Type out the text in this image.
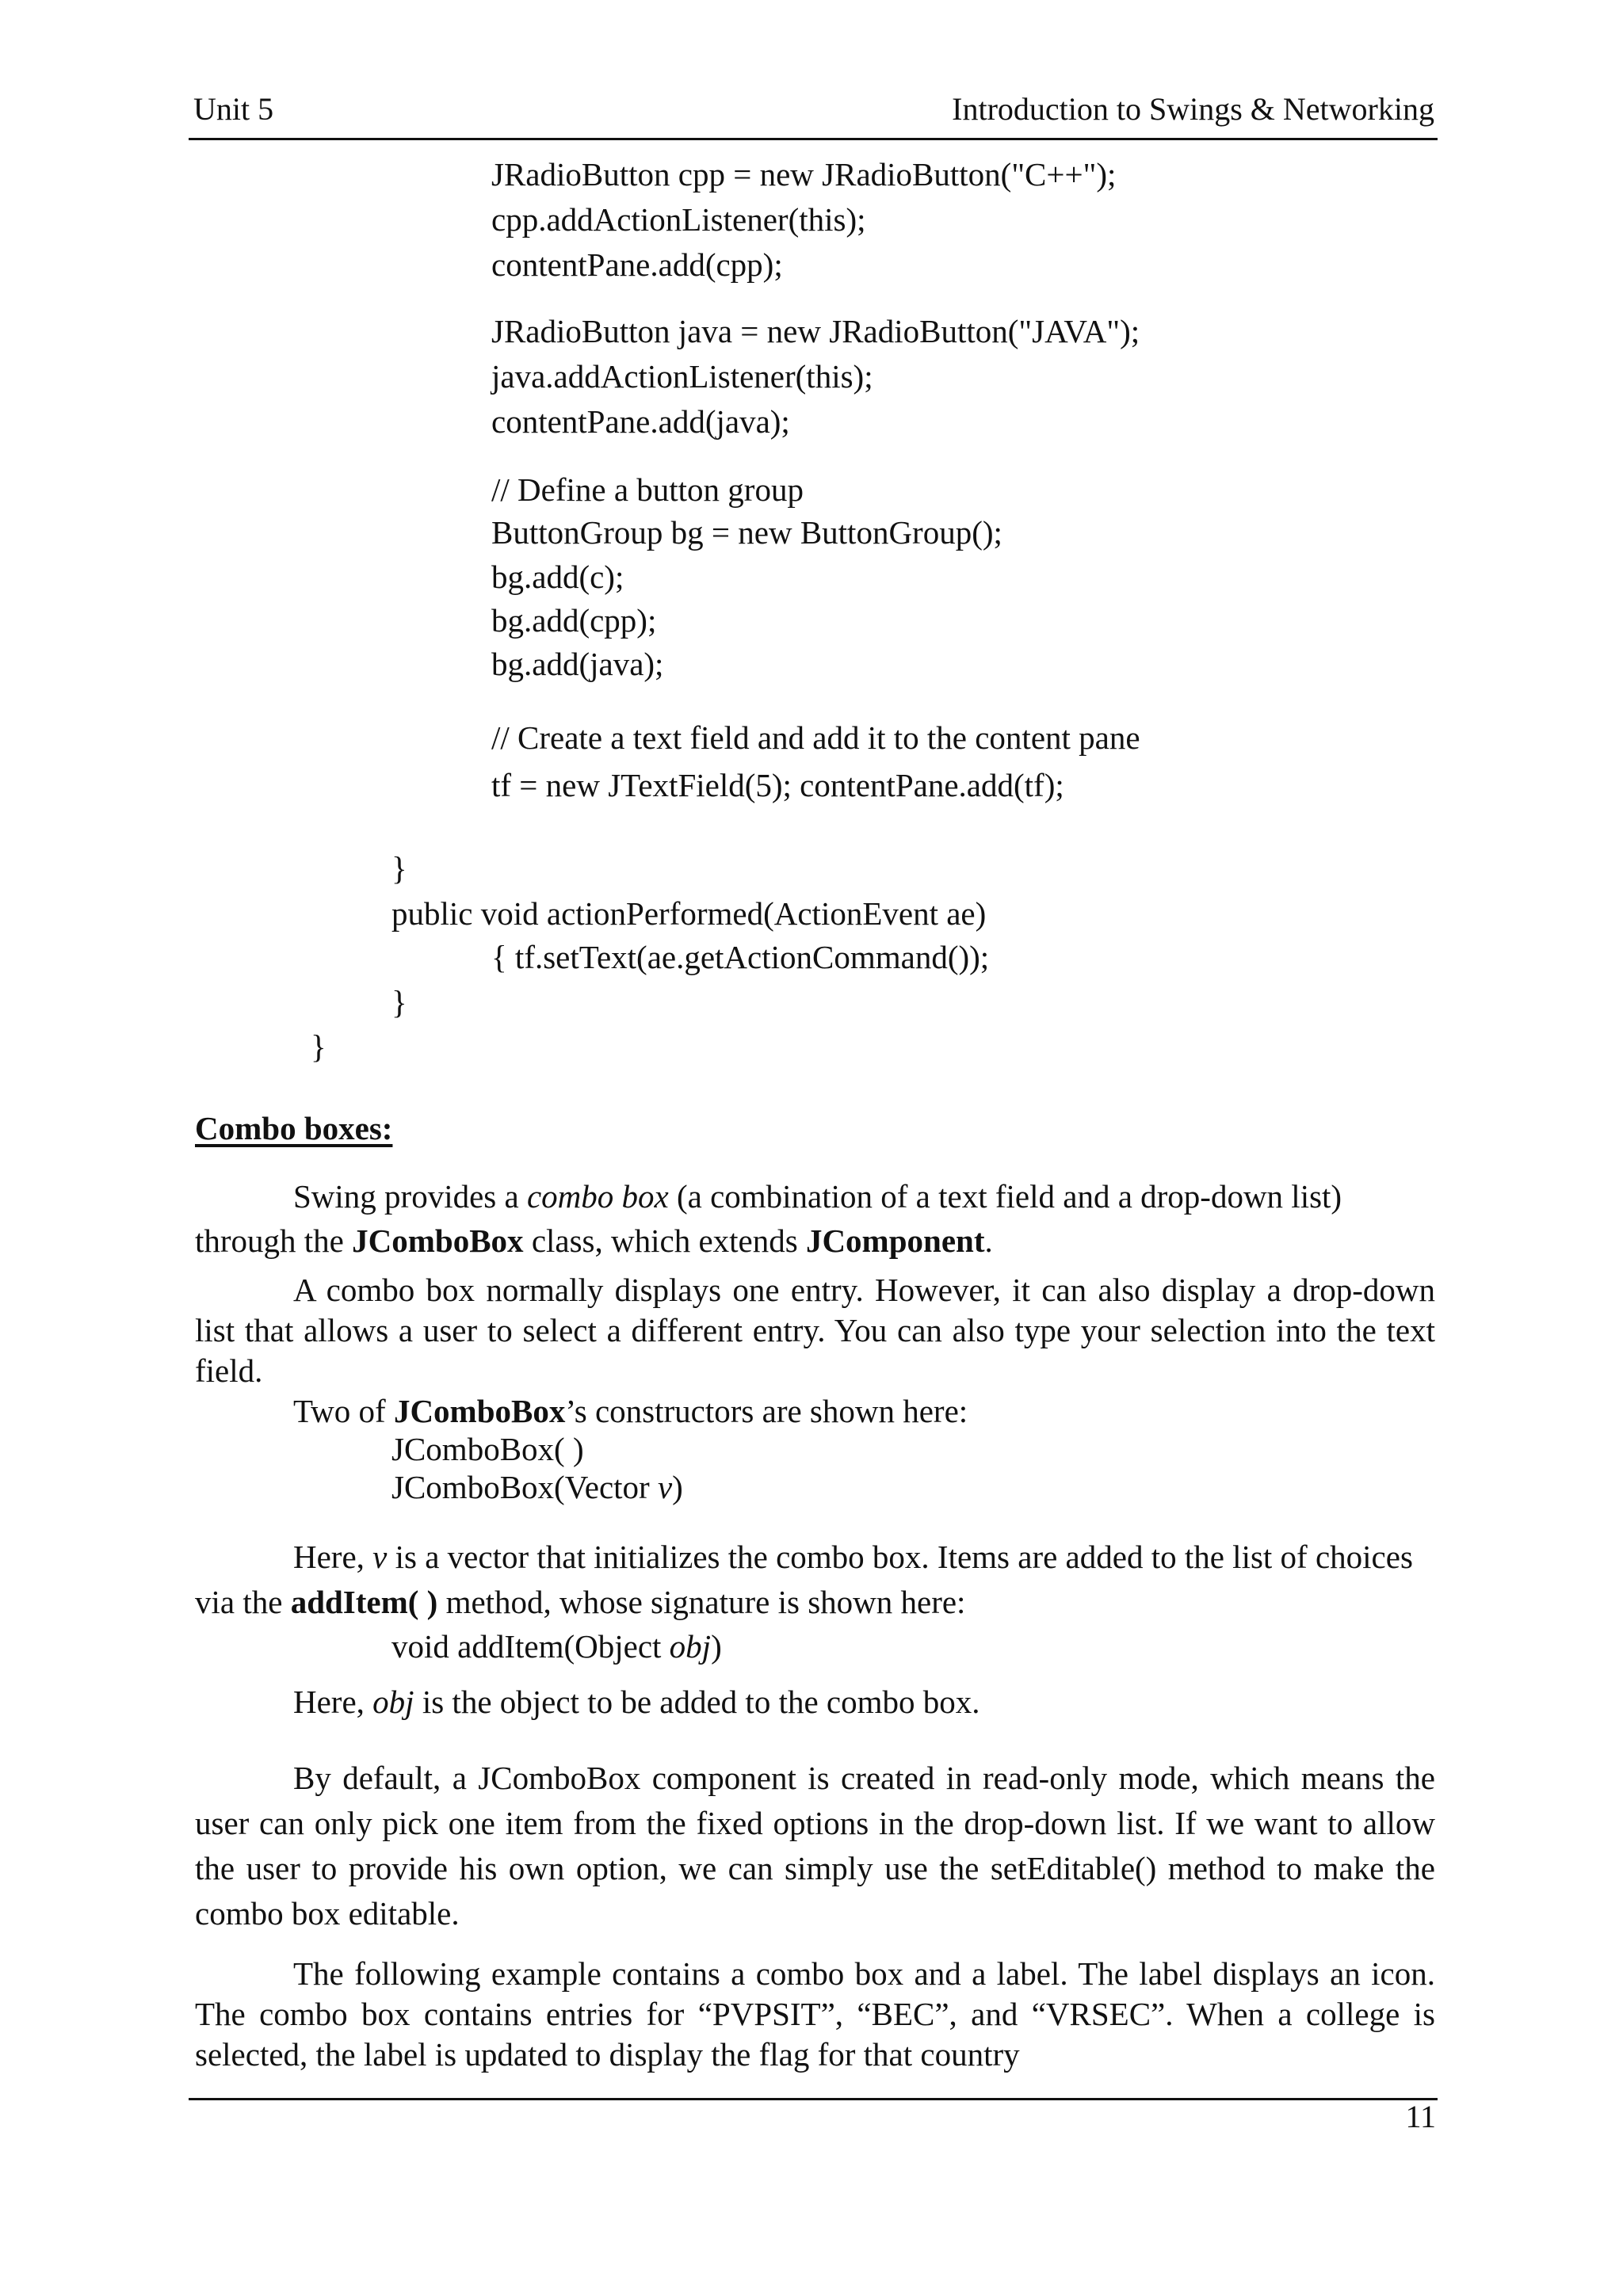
Unit 5	Introduction to Swings & Networking
JRadioButton cpp = new JRadioButton("C++");
cpp.addActionListener(this);
contentPane.add(cpp);
JRadioButton java = new JRadioButton("JAVA");
java.addActionListener(this);
contentPane.add(java);
// Define a button group
ButtonGroup bg = new ButtonGroup();
bg.add(c);
bg.add(cpp);
bg.add(java);
// Create a text field and add it to the content pane
tf = new JTextField(5); contentPane.add(tf);
}
public void actionPerformed(ActionEvent ae)
{ tf.setText(ae.getActionCommand());
}
}
Combo boxes:
Swing provides a combo box (a combination of a text field and a drop-down list) through the JComboBox class, which extends JComponent.
A combo box normally displays one entry. However, it can also display a drop-down list that allows a user to select a different entry. You can also type your selection into the text field.
Two of JComboBox’s constructors are shown here:
JComboBox( )
JComboBox(Vector v)
Here, v is a vector that initializes the combo box. Items are added to the list of choices via the addItem( ) method, whose signature is shown here:
void addItem(Object obj)
Here, obj is the object to be added to the combo box.
By default, a JComboBox component is created in read-only mode, which means the user can only pick one item from the fixed options in the drop-down list. If we want to allow the user to provide his own option, we can simply use the setEditable() method to make the combo box editable.
The following example contains a combo box and a label. The label displays an icon. The combo box contains entries for “PVPSIT”, “BEC”, and “VRSEC”. When a college is selected, the label is updated to display the flag for that country
11
